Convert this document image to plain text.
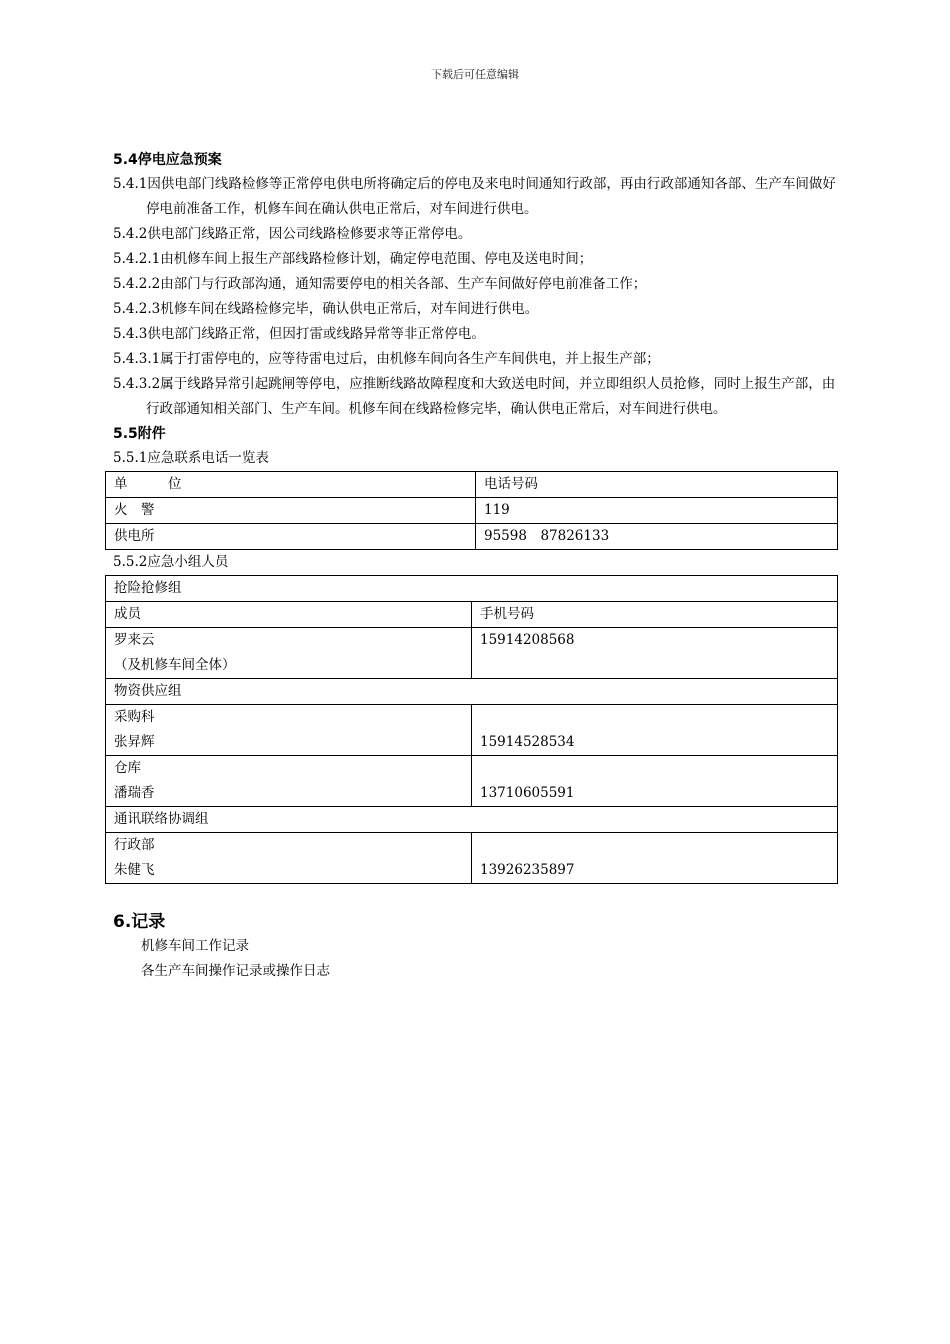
下载后可任意编辑
5.4停电应急预案

5.4.1因供电部门线路检修等正常停电供电所将确定后的停电及来电时间通知行政部，再由行政部通知各部、生产车间做好停电前准备工作，机修车间在确认供电正常后，对车间进行供电。

5.4.2供电部门线路正常，因公司线路检修要求等正常停电。

5.4.2.1由机修车间上报生产部线路检修计划，确定停电范围、停电及送电时间；

5.4.2.2由部门与行政部沟通，通知需要停电的相关各部、生产车间做好停电前准备工作；

5.4.2.3机修车间在线路检修完毕，确认供电正常后，对车间进行供电。

5.4.3供电部门线路正常，但因打雷或线路异常等非正常停电。

5.4.3.1属于打雷停电的，应等待雷电过后，由机修车间向各生产车间供电，并上报生产部；

5.4.3.2属于线路异常引起跳闸等停电，应推断线路故障程度和大致送电时间，并立即组织人员抢修，同时上报生产部，由行政部通知相关部门、生产车间。机修车间在线路检修完毕，确认供电正常后，对车间进行供电。

5.5附件

5.5.1应急联系电话一览表

单　　　位	电话号码
火　警	119
供电所	95598　87826133

5.5.2应急小组人员

抢险抢修组	
成员	手机号码

罗来云
（及机修车间全体）	15914208568
物资供应组	

采购科
张昇辉	15914528534

仓库
潘瑞香	13710605591
通讯联络协调组	

行政部
朱健飞	13926235897
6.记录
机修车间工作记录
各生产车间操作记录或操作日志
